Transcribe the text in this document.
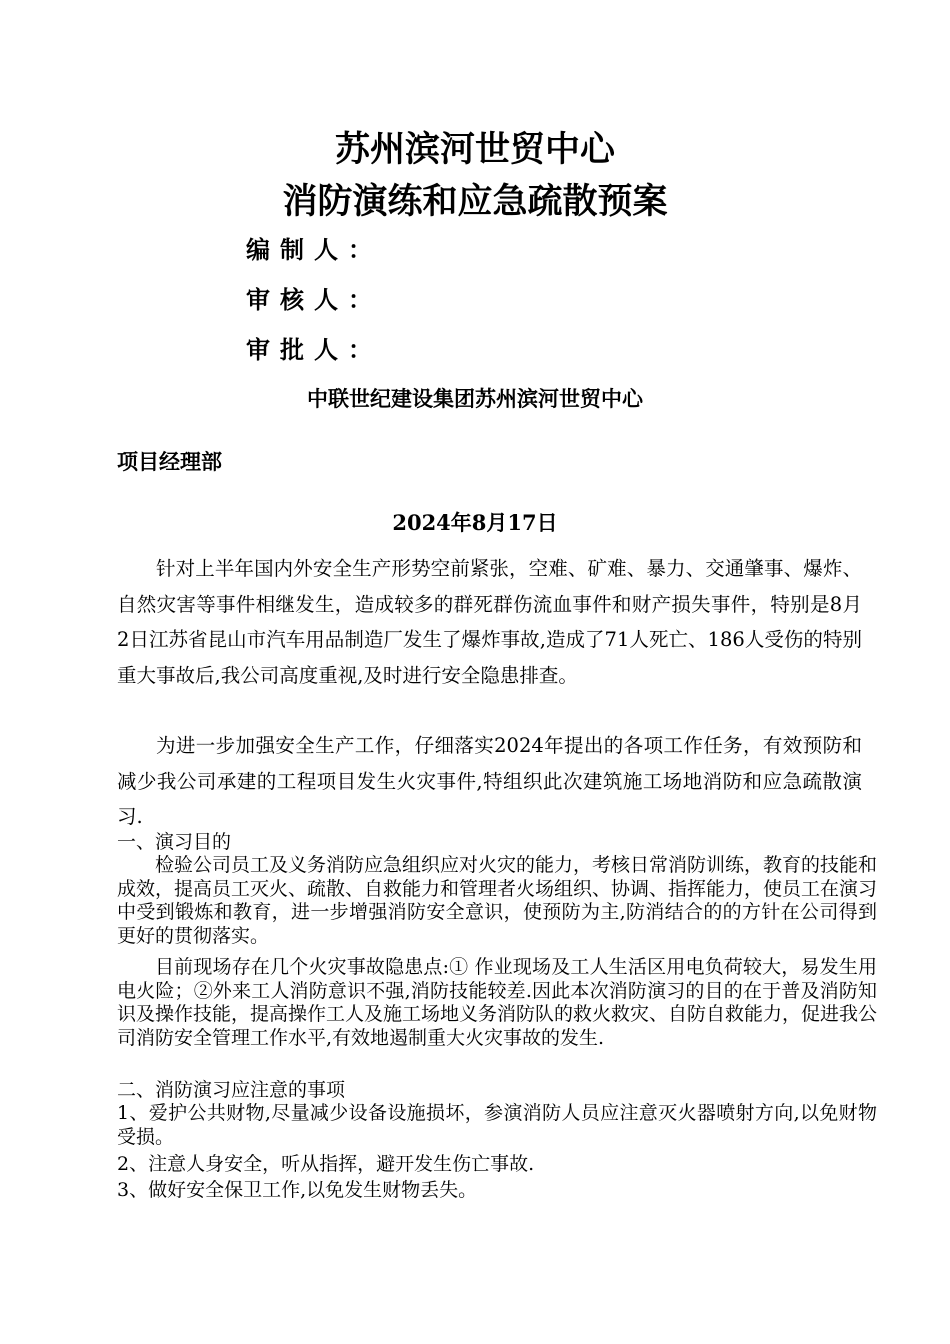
苏州滨河世贸中心
消防演练和应急疏散预案
编制人：
审核人：
审批人：
中联世纪建设集团苏州滨河世贸中心
项目经理部
2024年8月17日

针对上半年国内外安全生产形势空前紧张，空难、矿难、暴力、交通肇事、爆炸、自然灾害等事件相继发生，造成较多的群死群伤流血事件和财产损失事件，特别是8月2日江苏省昆山市汽车用品制造厂发生了爆炸事故,造成了71人死亡、186人受伤的特别重大事故后,我公司高度重视,及时进行安全隐患排查。

为进一步加强安全生产工作，仔细落实2024年提出的各项工作任务，有效预防和减少我公司承建的工程项目发生火灾事件,特组织此次建筑施工场地消防和应急疏散演习.

一、演习目的

检验公司员工及义务消防应急组织应对火灾的能力，考核日常消防训练，教育的技能和成效，提高员工灭火、疏散、自救能力和管理者火场组织、协调、指挥能力，使员工在演习中受到锻炼和教育，进一步增强消防安全意识，使预防为主,防消结合的的方针在公司得到更好的贯彻落实。

目前现场存在几个火灾事故隐患点:① 作业现场及工人生活区用电负荷较大，易发生用电火险；②外来工人消防意识不强,消防技能较差.因此本次消防演习的目的在于普及消防知识及操作技能，提高操作工人及施工场地义务消防队的救火救灾、自防自救能力，促进我公司消防安全管理工作水平,有效地遏制重大火灾事故的发生.

二、消防演习应注意的事项

1、爱护公共财物,尽量减少设备设施损坏，参演消防人员应注意灭火器喷射方向,以免财物受损。

2、注意人身安全，听从指挥，避开发生伤亡事故.

3、做好安全保卫工作,以免发生财物丢失。
